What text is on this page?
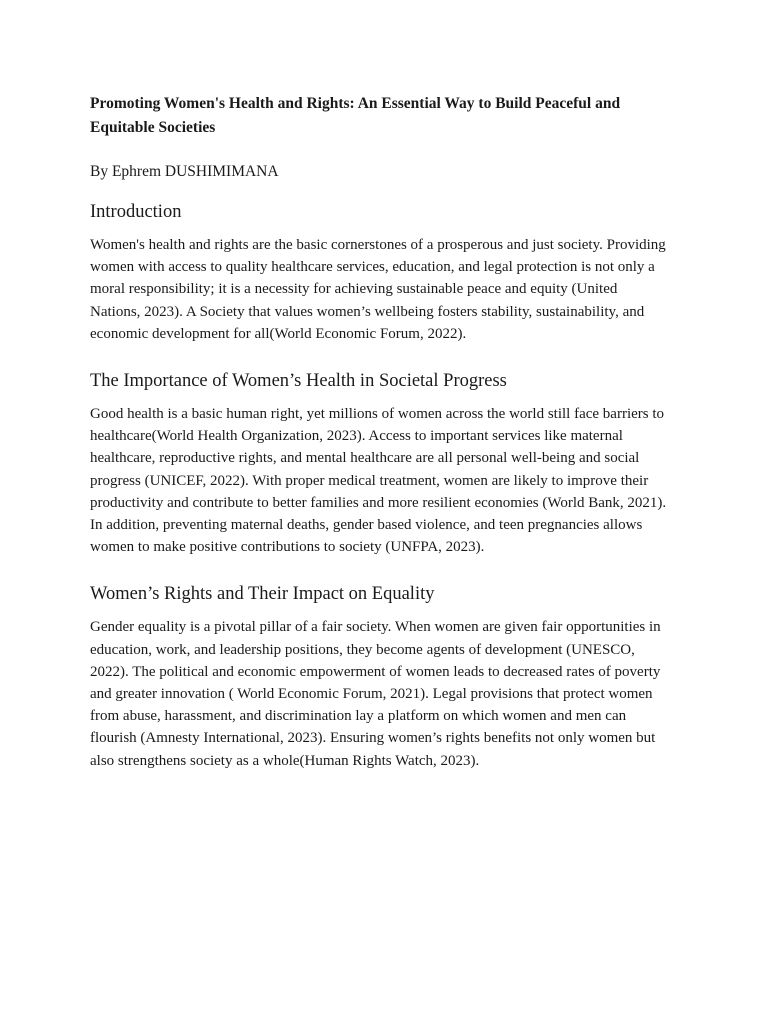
Promoting Women's Health and Rights: An Essential Way to Build Peaceful and Equitable Societies

By Ephrem DUSHIMIMANA

Introduction

Women's health and rights are the basic cornerstones of a prosperous and just society. Providing women with access to quality healthcare services, education, and legal protection is not only a moral responsibility; it is a necessity for achieving sustainable peace and equity (United Nations, 2023). A Society that values women’s wellbeing fosters stability, sustainability, and economic development for all(World Economic Forum, 2022).

The Importance of Women’s Health in Societal Progress

Good health is a basic human right, yet millions of women across the world still face barriers to healthcare(World Health Organization, 2023). Access to important services like maternal healthcare, reproductive rights, and mental healthcare are all personal well-being and social progress (UNICEF, 2022). With proper medical treatment, women are likely to improve their productivity and contribute to better families and more resilient economies (World Bank, 2021). In addition, preventing maternal deaths, gender based violence, and teen pregnancies allows women to make positive contributions to society (UNFPA, 2023).

Women’s Rights and Their Impact on Equality

Gender equality is a pivotal pillar of a fair society. When women are given fair opportunities in education, work, and leadership positions, they become agents of development (UNESCO, 2022). The political and economic empowerment of women leads to decreased rates of poverty and greater innovation ( World Economic Forum, 2021). Legal provisions that protect women from abuse, harassment, and discrimination lay a platform on which women and men can flourish (Amnesty International, 2023). Ensuring women’s rights benefits not only women but also strengthens society as a whole(Human Rights Watch, 2023).
